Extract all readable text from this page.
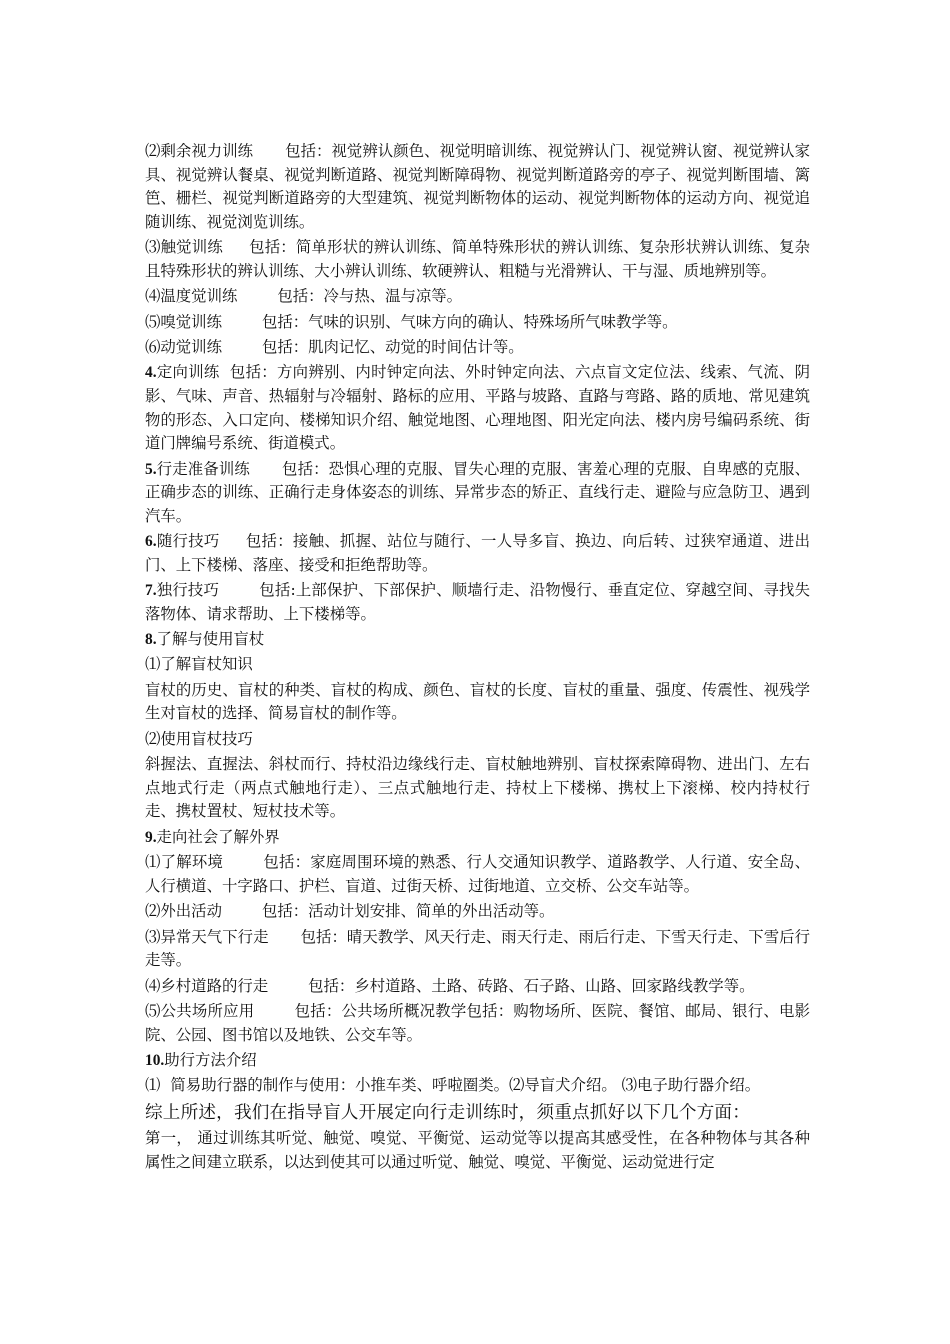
⑵剩余视力训练 包括：视觉辨认颜色、视觉明暗训练、视觉辨认门、视觉辨认窗、视觉辨认家具、视觉辨认餐桌、视觉判断道路、视觉判断障碍物、视觉判断道路旁的亭子、视觉判断围墙、篱笆、栅栏、视觉判断道路旁的大型建筑、视觉判断物体的运动、视觉判断物体的运动方向、视觉追随训练、视觉浏览训练。

⑶触觉训练 包括：简单形状的辨认训练、简单特殊形状的辨认训练、复杂形状辨认训练、复杂且特殊形状的辨认训练、大小辨认训练、软硬辨认、粗糙与光滑辨认、干与湿、质地辨别等。

⑷温度觉训练	包括：冷与热、温与凉等。

⑸嗅觉训练	包括：气味的识别、气味方向的确认、特殊场所气味教学等。

⑹动觉训练	包括：肌肉记忆、动觉的时间估计等。

4.定向训练 包括：方向辨别、内时钟定向法、外时钟定向法、六点盲文定位法、线索、气流、阴影、气味、声音、热辐射与冷辐射、路标的应用、平路与坡路、直路与弯路、路的质地、常见建筑物的形态、入口定向、楼梯知识介绍、触觉地图、心理地图、阳光定向法、楼内房号编码系统、街道门牌编号系统、街道模式。

5.行走准备训练 包括：恐惧心理的克服、冒失心理的克服、害羞心理的克服、自卑感的克服、正确步态的训练、正确行走身体姿态的训练、异常步态的矫正、直线行走、避险与应急防卫、遇到汽车。

6.随行技巧 包括：接触、抓握、站位与随行、一人导多盲、换边、向后转、过狭窄通道、进出门、上下楼梯、落座、接受和拒绝帮助等。

7.独行技巧	包括:上部保护、下部保护、顺墙行走、沿物慢行、垂直定位、穿越空间、寻找失落物体、请求帮助、上下楼梯等。

8.了解与使用盲杖

⑴了解盲杖知识

盲杖的历史、盲杖的种类、盲杖的构成、颜色、盲杖的长度、盲杖的重量、强度、传震性、视残学生对盲杖的选择、简易盲杖的制作等。

⑵使用盲杖技巧

斜握法、直握法、斜杖而行、持杖沿边缘线行走、盲杖触地辨别、盲杖探索障碍物、进出门、左右点地式行走（两点式触地行走）、三点式触地行走、持杖上下楼梯、携杖上下滚梯、校内持杖行走、携杖置杖、短杖技术等。

9.走向社会了解外界

⑴了解环境	包括：家庭周围环境的熟悉、行人交通知识教学、道路教学、人行道、安全岛、人行横道、十字路口、护栏、盲道、过街天桥、过街地道、立交桥、公交车站等。

⑵外出活动	包括：活动计划安排、简单的外出活动等。

⑶异常天气下行走 包括：晴天教学、风天行走、雨天行走、雨后行走、下雪天行走、下雪后行走等。

⑷乡村道路的行走	包括：乡村道路、土路、砖路、石子路、山路、回家路线教学等。

⑸公共场所应用	包括：公共场所概况教学包括：购物场所、医院、餐馆、邮局、银行、电影院、公园、图书馆以及地铁、公交车等。

10.助行方法介绍

⑴ 简易助行器的制作与使用：小推车类、呼啦圈类。⑵导盲犬介绍。 ⑶电子助行器介绍。

综上所述，我们在指导盲人开展定向行走训练时，须重点抓好以下几个方面：

第一， 通过训练其听觉、触觉、嗅觉、平衡觉、运动觉等以提高其感受性，在各种物体与其各种属性之间建立联系，以达到使其可以通过听觉、触觉、嗅觉、平衡觉、运动觉进行定
